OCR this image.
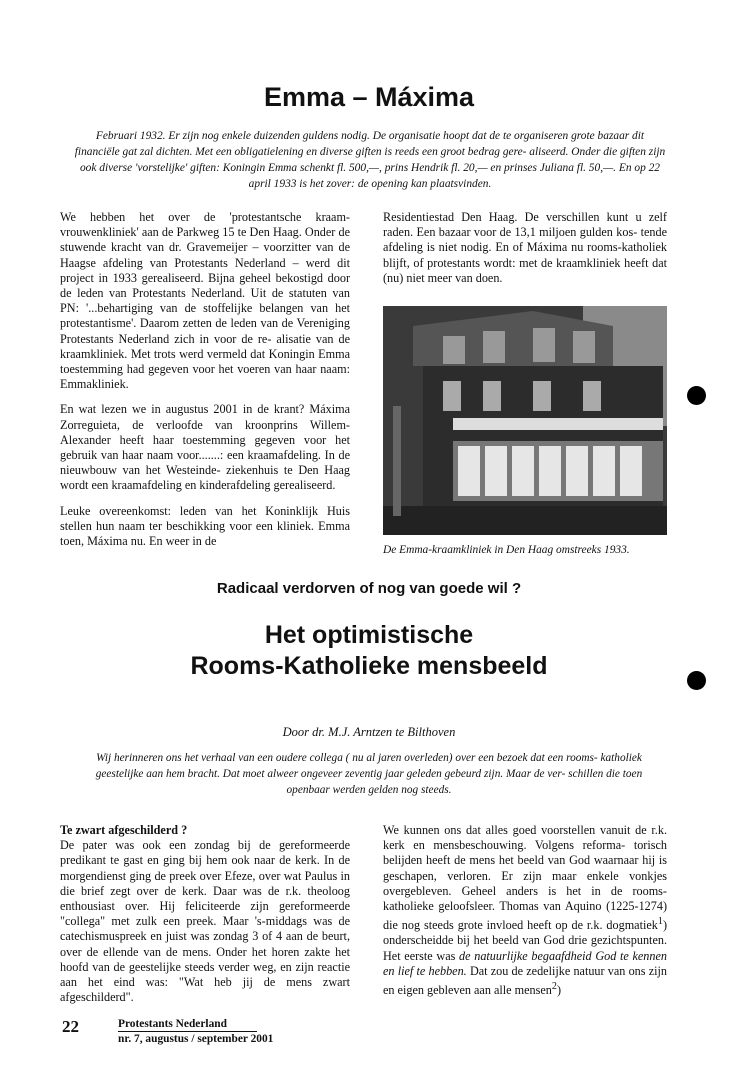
Emma – Máxima
Februari 1932. Er zijn nog enkele duizenden guldens nodig. De organisatie hoopt dat de te organiseren grote bazaar dit financiële gat zal dichten. Met een obligatielening en diverse giften is reeds een groot bedrag gere- aliseerd. Onder die giften zijn ook diverse 'vorstelijke' giften: Koningin Emma schenkt fl. 500,—, prins Hendrik fl. 20,— en prinses Juliana fl. 50,—. En op 22 april 1933 is het zover: de opening kan plaatsvinden.

We hebben het over de 'protestantsche kraam- vrouwenkliniek' aan de Parkweg 15 te Den Haag. Onder de stuwende kracht van dr. Gravemeijer – voorzitter van de Haagse afdeling van Protestants Nederland – werd dit project in 1933 gerealiseerd. Bijna geheel bekostigd door de leden van Protestants Nederland. Uit de statuten van PN: '...behartiging van de stoffelijke belangen van het protestantisme'. Daarom zetten de leden van de Vereniging Protestants Nederland zich in voor de re- alisatie van de kraamkliniek. Met trots werd vermeld dat Koningin Emma toestemming had gegeven voor het voeren van haar naam: Emmakliniek.

En wat lezen we in augustus 2001 in de krant? Máxima Zorreguieta, de verloofde van kroonprins Willem-Alexander heeft haar toestemming gegeven voor het gebruik van haar naam voor.......: een kraamafdeling. In de nieuwbouw van het Westeinde- ziekenhuis te Den Haag wordt een kraamafdeling en kinderafdeling gerealiseerd.

Leuke overeenkomst: leden van het Koninklijk Huis stellen hun naam ter beschikking voor een kliniek. Emma toen, Máxima nu. En weer in de

Residentiestad Den Haag. De verschillen kunt u zelf raden. Een bazaar voor de 13,1 miljoen gulden kos- tende afdeling is niet nodig. En of Máxima nu rooms-katholiek blijft, of protestants wordt: met de kraamkliniek heeft dat (nu) niet meer van doen.

De Emma-kraamkliniek in Den Haag omstreeks 1933.
Radicaal verdorven of nog van goede wil ?
Het optimistische
Rooms-Katholieke mensbeeld
Door dr. M.J. Arntzen te Bilthoven
Wij herinneren ons het verhaal van een oudere collega ( nu al jaren overleden) over een bezoek dat een rooms- katholiek geestelijke aan hem bracht. Dat moet alweer ongeveer zeventig jaar geleden gebeurd zijn. Maar de ver- schillen die toen openbaar werden gelden nog steeds.
Te zwart afgeschilderd ?
De pater was ook een zondag bij de gereformeerde predikant te gast en ging bij hem ook naar de kerk. In de morgendienst ging de preek over Efeze, over wat Paulus in die brief zegt over de kerk. Daar was de r.k. theoloog enthousiast over. Hij feliciteerde zijn gereformeerde "collega" met zulk een preek. Maar 's-middags was de catechismuspreek en juist was zondag 3 of 4 aan de beurt, over de ellende van de mens. Onder het horen zakte het hoofd van de geestelijke steeds verder weg, en zijn reactie aan het eind was: "Wat heb jij de mens zwart afgeschilderd".
We kunnen ons dat alles goed voorstellen vanuit de r.k. kerk en mensbeschouwing. Volgens reforma- torisch belijden heeft de mens het beeld van God waarnaar hij is geschapen, verloren. Er zijn maar enkele vonkjes overgebleven. Geheel anders is het in de rooms-katholieke geloofsleer. Thomas van Aquino (1225-1274) die nog steeds grote invloed heeft op de r.k. dogmatiek$^1$) onderscheidde bij het beeld van God drie gezichtspunten. Het eerste was de natuurlijke begaafdheid God te kennen en lief te hebben. Dat zou de zedelijke natuur van ons zijn en eigen gebleven aan alle mensen$^2$)
22	Protestants Nederland
nr. 7, augustus / september 2001
